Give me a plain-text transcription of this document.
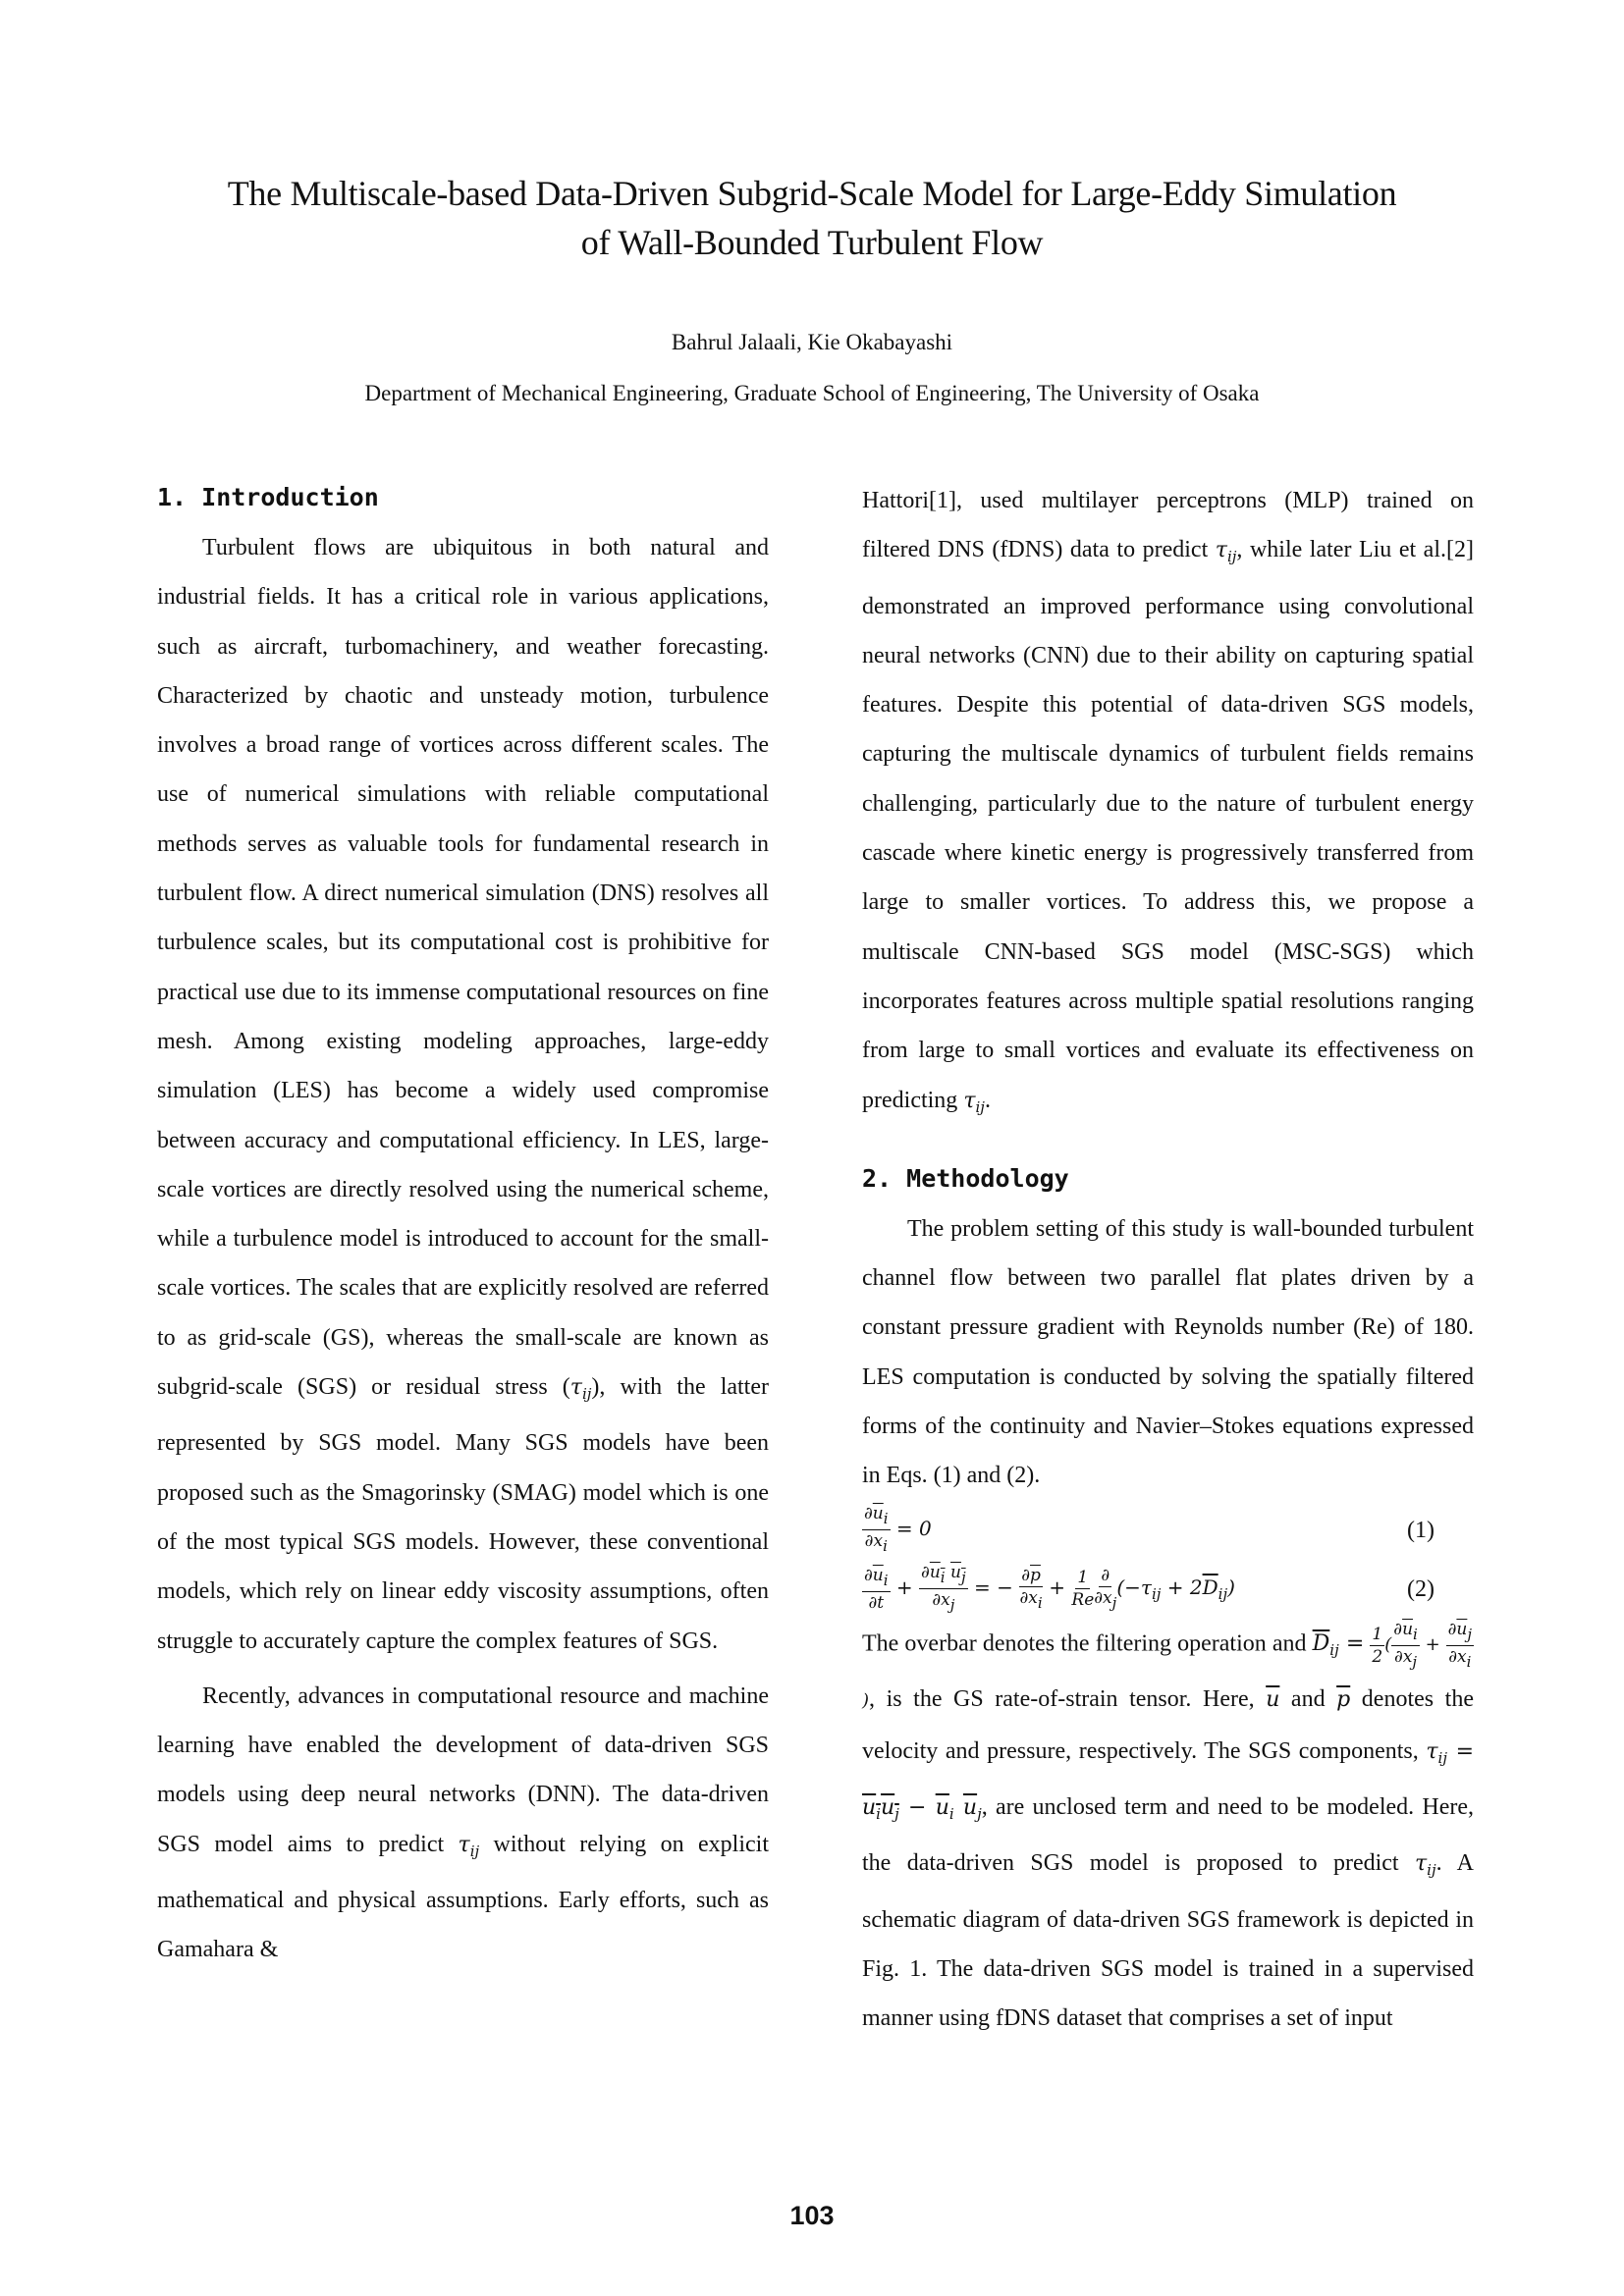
The Multiscale-based Data-Driven Subgrid-Scale Model for Large-Eddy Simulation
of Wall-Bounded Turbulent Flow
Bahrul Jalaali, Kie Okabayashi
Department of Mechanical Engineering, Graduate School of Engineering, The University of Osaka
1. Introduction

Turbulent flows are ubiquitous in both natural and industrial fields. It has a critical role in various applications, such as aircraft, turbomachinery, and weather forecasting. Characterized by chaotic and unsteady motion, turbulence involves a broad range of vortices across different scales. The use of numerical simulations with reliable computational methods serves as valuable tools for fundamental research in turbulent flow. A direct numerical simulation (DNS) resolves all turbulence scales, but its computational cost is prohibitive for practical use due to its immense computational resources on fine mesh. Among existing modeling approaches, large-eddy simulation (LES) has become a widely used compromise between accuracy and computational efficiency. In LES, large-scale vortices are directly resolved using the numerical scheme, while a turbulence model is introduced to account for the small-scale vortices. The scales that are explicitly resolved are referred to as grid-scale (GS), whereas the small-scale are known as subgrid-scale (SGS) or residual stress $(\tau_{ij})$, with the latter represented by SGS model. Many SGS models have been proposed such as the Smagorinsky (SMAG) model which is one of the most typical SGS models. However, these conventional models, which rely on linear eddy viscosity assumptions, often struggle to accurately capture the complex features of SGS.

Recently, advances in computational resource and machine learning have enabled the development of data-driven SGS models using deep neural networks (DNN). The data-driven SGS model aims to predict $\tau_{ij}$ without relying on explicit mathematical and physical assumptions. Early efforts, such as Gamahara &

Hattori[1], used multilayer perceptrons (MLP) trained on filtered DNS (fDNS) data to predict $\tau_{ij}$, while later Liu et al.[2] demonstrated an improved performance using convolutional neural networks (CNN) due to their ability on capturing spatial features. Despite this potential of data-driven SGS models, capturing the multiscale dynamics of turbulent fields remains challenging, particularly due to the nature of turbulent energy cascade where kinetic energy is progressively transferred from large to smaller vortices. To address this, we propose a multiscale CNN-based SGS model (MSC-SGS) which incorporates features across multiple spatial resolutions ranging from large to small vortices and evaluate its effectiveness on predicting $\tau_{ij}$.

2. Methodology

The problem setting of this study is wall-bounded turbulent channel flow between two parallel flat plates driven by a constant pressure gradient with Reynolds number (Re) of 180. LES computation is conducted by solving the spatially filtered forms of the continuity and Navier–Stokes equations expressed in Eqs. (1) and (2).

$\frac{\partial\overline{u}i}{\partial xi} = 0$	(1)
$\frac{\partial\overline{u}i}{\partial t} + \frac{\text{∂ui uj}}{\partial xj}$ = − $\frac{\partial\overline{p}}{\partial xi} + \frac{1}{Re} \frac{\partial}{\partial xj} (-\tau_{ij} + 2\overline{D}_{ij})$	(2)

The overbar denotes the filtering operation and $\overline{D}_{ij} = \frac{1}{2}$ ( $\frac{\partial\overline{u}i}{\partial xj} + \frac{\partial\overline{u}j}{\partial xi}$
), is the GS rate-of-strain tensor. Here, $\overline{u}$ and $\overline{p}$ denotes the velocity and pressure, respectively. The SGS components, $\tau_{ij} = u_iu_j - \overline{u}_i$ $\overline{u}_j$, are unclosed term and need to be modeled. Here, the data-driven SGS model is proposed to predict $\tau_{ij}$. A schematic diagram of data-driven SGS framework is depicted in Fig. 1. The data-driven SGS model is trained in a supervised manner using fDNS dataset that comprises a set of input

103
